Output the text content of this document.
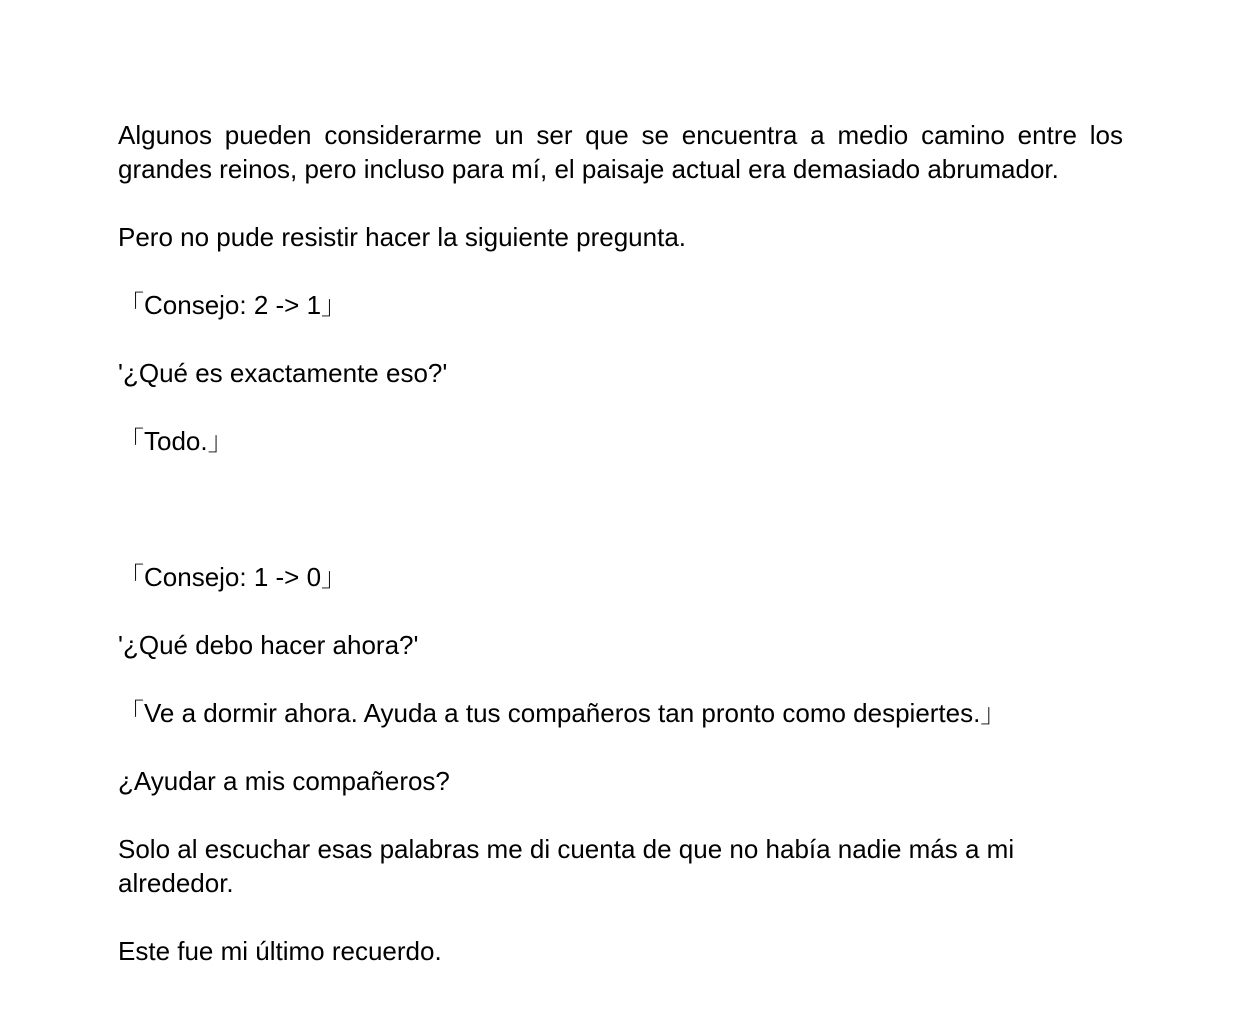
Algunos pueden considerarme un ser que se encuentra a medio camino entre los grandes reinos, pero incluso para mí, el paisaje actual era demasiado abrumador.

Pero no pude resistir hacer la siguiente pregunta.

「Consejo: 2 -> 1」

'¿Qué es exactamente eso?'

「Todo.」

「Consejo: 1 -> 0」

'¿Qué debo hacer ahora?'

「Ve a dormir ahora. Ayuda a tus compañeros tan pronto como despiertes.」

¿Ayudar a mis compañeros?

Solo al escuchar esas palabras me di cuenta de que no había nadie más a mi alrededor.

Este fue mi último recuerdo.
